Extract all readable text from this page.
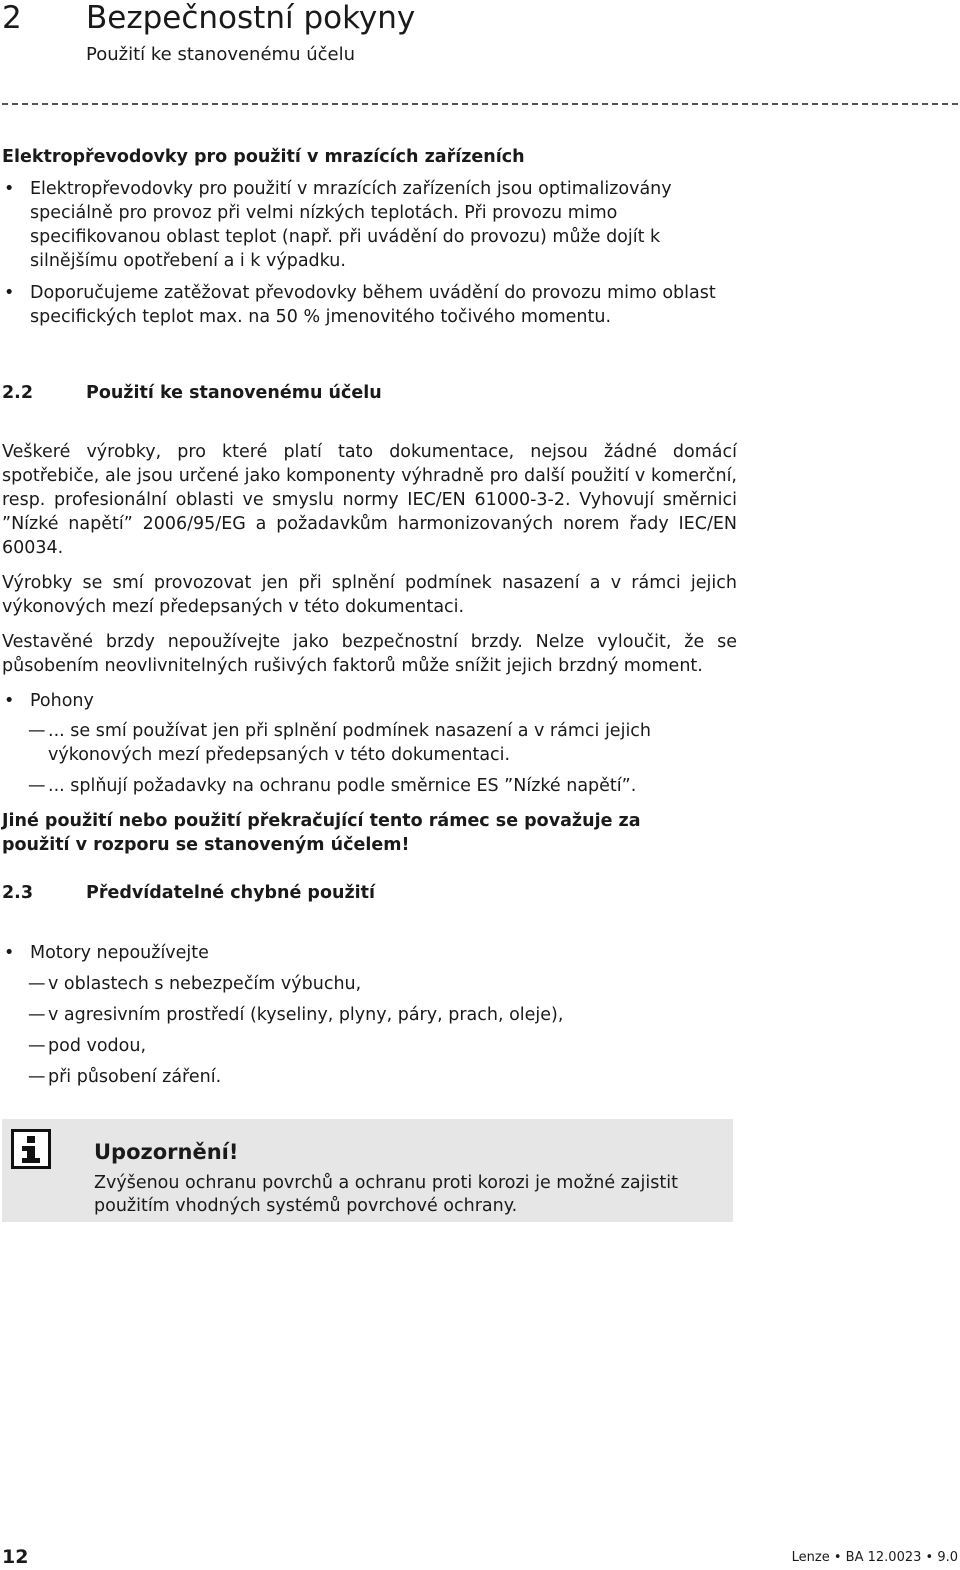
2 Bezpečnostní pokyny
Použití ke stanovenému účelu
Elektropřevodovky pro použití v mrazících zařízeních
• Elektropřevodovky pro použití v mrazících zařízeních jsou optimalizovány speciálně pro provoz při velmi nízkých teplotách. Při provozu mimo specifikovanou oblast teplot (např. při uvádění do provozu) může dojít k silnějšímu opotřebení a i k výpadku.
• Doporučujeme zatěžovat převodovky během uvádění do provozu mimo oblast specifických teplot max. na 50 % jmenovitého točivého momentu.
2.2	Použití ke stanovenému účelu
Veškeré výrobky, pro které platí tato dokumentace, nejsou žádné domácí spotřebiče, ale jsou určené jako komponenty výhradně pro další použití v komerční, resp. profesionální oblasti ve smyslu normy IEC/EN 61000-3-2. Vyhovují směrnici ”Nízké napětí” 2006/95/EG a požadavkům harmonizovaných norem řady IEC/EN 60034.
Výrobky se smí provozovat jen při splnění podmínek nasazení a v rámci jejich výkonových mezí předepsaných v této dokumentaci.
Vestavěné brzdy nepoužívejte jako bezpečnostní brzdy. Nelze vyloučit, že se působením neovlivnitelných rušivých faktorů může snížit jejich brzdný moment.
• Pohony
— ... se smí používat jen při splnění podmínek nasazení a v rámci jejich výkonových mezí předepsaných v této dokumentaci.
— ... splňují požadavky na ochranu podle směrnice ES ”Nízké napětí”.
Jiné použití nebo použití překračující tento rámec se považuje za použití v rozporu se stanoveným účelem!
2.3	Předvídatelné chybné použití
• Motory nepoužívejte
— v oblastech s nebezpečím výbuchu,
— v agresivním prostředí (kyseliny, plyny, páry, prach, oleje),
— pod vodou,
— při působení záření.
Upozornění!
Zvýšenou ochranu povrchů a ochranu proti korozi je možné zajistit použitím vhodných systémů povrchové ochrany.
12	Lenze • BA 12.0023 • 9.0
